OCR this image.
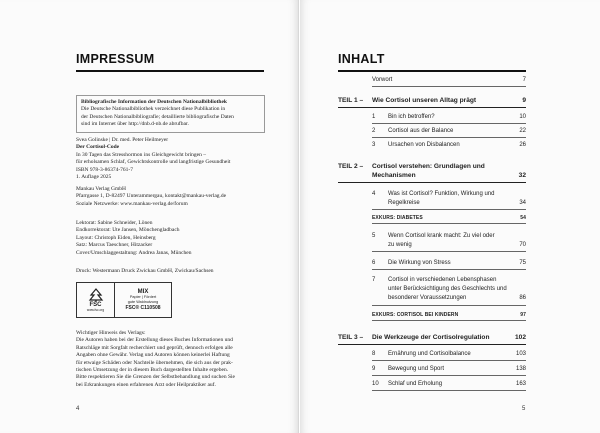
IMPRESSUM
Bibliografische Information der Deutschen Nationalbibliothek
Die Deutsche Nationalbibliothek verzeichnet diese Publikation in
der Deutschen Nationalbibliografie; detaillierte bibliografische Daten
sind im Internet über http://dnb.d-nb.de abrufbar.
Svea Golinske | Dr. med. Peter Heilmeyer
Der Cortisol-Code
In 30 Tagen das Stresshormon ins Gleichgewicht bringen –
für erholsamen Schlaf, Gewichtskontrolle und langfristige Gesundheit
ISBN 978-3-86374-761-7
1. Auflage 2025
Mankau Verlag GmbH
Pfarrgasse 1, D-82497 Unterammergau, kontakt@mankau-verlag.de
Soziale Netzwerke: www.mankau-verlag.de/forum
Lektorat: Sabine Schneider, Lönen
Endkorrektorat: Ute Jansen, Mönchengladbach
Layout: Christoph Eiden, Heinsberg
Satz: Marcus Taeschner, Hitzacker
Cover/Umschlaggestaltung: Andrea Janas, München
Druck: Westermann Druck Zwickau GmbH, Zwickau/Sachsen
FSC
www.fsc.org
MIX
Papier | Fördert
gute Waldnutzung
FSC® C110508
Wichtiger Hinweis des Verlags:
Die Autoren haben bei der Erstellung dieses Buches Informationen und
Ratschläge mit Sorgfalt recherchiert und geprüft, dennoch erfolgen alle
Angaben ohne Gewähr. Verlag und Autoren können keinerlei Haftung
für etwaige Schäden oder Nachteile übernehmen, die sich aus der prak-
tischen Umsetzung der in diesem Buch dargestellten Inhalte ergeben.
Bitte respektieren Sie die Grenzen der Selbstbehandlung und suchen Sie
bei Erkrankungen einen erfahrenen Arzt oder Heilpraktiker auf.
4
INHALT
Vorwort	7
TEIL 1 – Wie Cortisol unseren Alltag prägt	9
1 Bin ich betroffen?	10
2 Cortisol aus der Balance	22
3 Ursachen von Disbalancen	26
TEIL 2 – Cortisol verstehen: Grundlagen und
Mechanismen	32
4 Was ist Cortisol? Funktion, Wirkung und
Regelkreise	34
EXKURS: DIABETES	54
5 Wenn Cortisol krank macht: Zu viel oder
zu wenig	70
6 Die Wirkung von Stress	75
7 Cortisol in verschiedenen Lebensphasen
unter Berücksichtigung des Geschlechts und
besonderer Voraussetzungen	86
EXKURS: CORTISOL BEI KINDERN	97
TEIL 3 – Die Werkzeuge der Cortisolregulation	102
8 Ernährung und Cortisolbalance	103
9 Bewegung und Sport	138
10 Schlaf und Erholung	163
5
